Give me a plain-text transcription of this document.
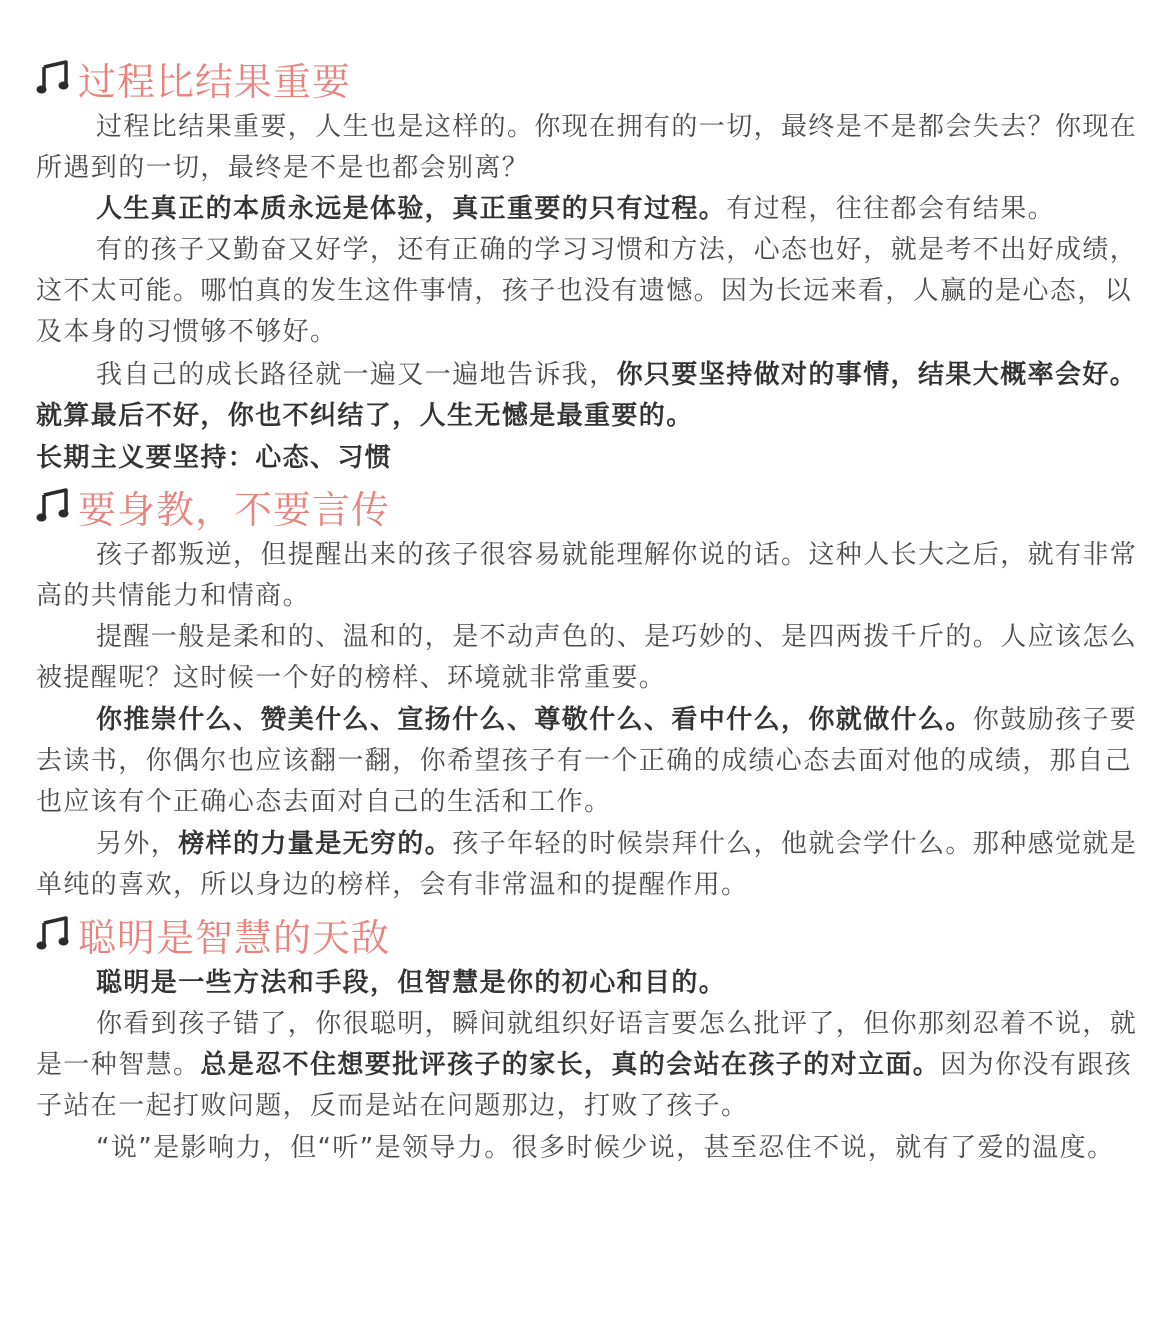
过程比结果重要

过程比结果重要，人生也是这样的。你现在拥有的一切，最终是不是都会失去？你现在所遇到的一切，最终是不是也都会别离？

人生真正的本质永远是体验，真正重要的只有过程。有过程，往往都会有结果。

有的孩子又勤奋又好学，还有正确的学习习惯和方法，心态也好，就是考不出好成绩，这不太可能。哪怕真的发生这件事情，孩子也没有遗憾。因为长远来看，人赢的是心态，以及本身的习惯够不够好。

我自己的成长路径就一遍又一遍地告诉我，你只要坚持做对的事情，结果大概率会好。就算最后不好，你也不纠结了，人生无憾是最重要的。

长期主义要坚持：心态、习惯

要身教，不要言传

孩子都叛逆，但提醒出来的孩子很容易就能理解你说的话。这种人长大之后，就有非常高的共情能力和情商。

提醒一般是柔和的、温和的，是不动声色的、是巧妙的、是四两拨千斤的。人应该怎么被提醒呢？这时候一个好的榜样、环境就非常重要。

你推崇什么、赞美什么、宣扬什么、尊敬什么、看中什么，你就做什么。你鼓励孩子要去读书，你偶尔也应该翻一翻，你希望孩子有一个正确的成绩心态去面对他的成绩，那自己也应该有个正确心态去面对自己的生活和工作。

另外，榜样的力量是无穷的。孩子年轻的时候崇拜什么，他就会学什么。那种感觉就是单纯的喜欢，所以身边的榜样，会有非常温和的提醒作用。

聪明是智慧的天敌

聪明是一些方法和手段，但智慧是你的初心和目的。

你看到孩子错了，你很聪明，瞬间就组织好语言要怎么批评了，但你那刻忍着不说，就是一种智慧。总是忍不住想要批评孩子的家长，真的会站在孩子的对立面。因为你没有跟孩子站在一起打败问题，反而是站在问题那边，打败了孩子。

“说”是影响力，但“听”是领导力。很多时候少说，甚至忍住不说，就有了爱的温度。
